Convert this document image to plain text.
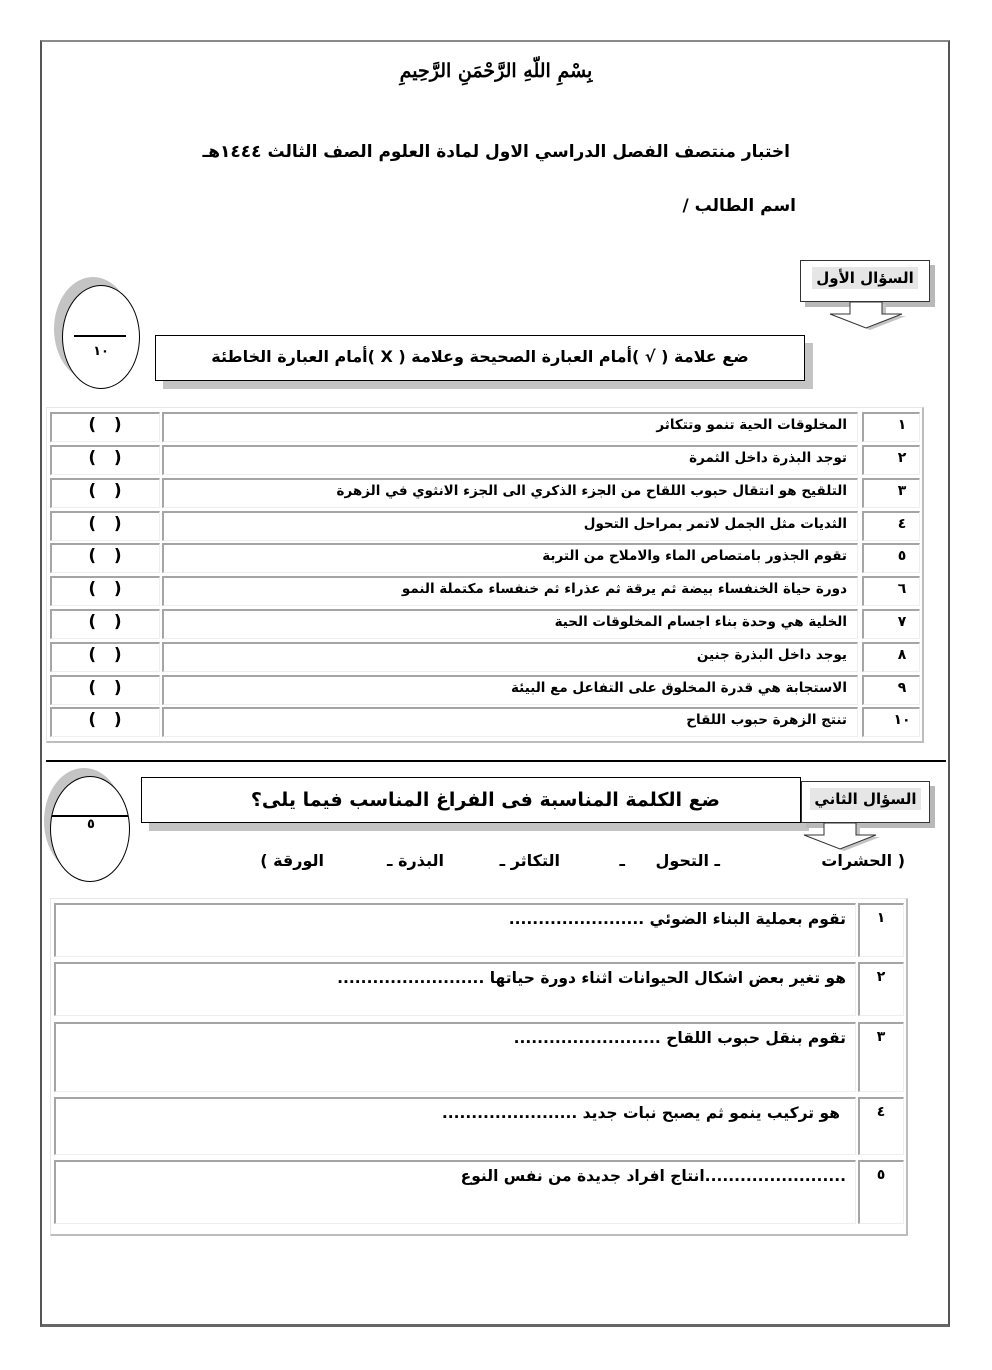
بِسْمِ اللّهِ الرَّحْمَنِ الرَّحِيمِ
اختبار منتصف الفصل الدراسي الاول لمادة العلوم الصف الثالث ١٤٤٤هـ
اسم الطالب /
السؤال الأول
١٠	ضع علامة ( √ )أمام العبارة الصحيحة وعلامة ( X )أمام العبارة الخاطئة
١
المخلوقات الحية تنمو وتتكاثر
(   )
٢
توجد البذرة داخل الثمرة
(   )
٣
التلقيح هو انتقال حبوب اللقاح من الجزء الذكري الى الجزء الانثوي في الزهرة
(   )
٤
الثديات مثل الجمل لاتمر بمراحل التحول
(   )
٥
تقوم الجذور بامتصاص الماء والاملاح من التربة
(   )
٦
دورة حياة الخنفساء بيضة ثم يرقة ثم عذراء ثم خنفساء مكتملة النمو
(   )
٧
الخلية هي وحدة بناء اجسام المخلوقات الحية
(   )
٨
يوجد داخل البذرة جنين
(   )
٩
الاستجابة هي قدرة المخلوق على التفاعل مع البيئة
(   )
١٠
تنتج الزهرة حبوب اللقاح
(   )
٥
ضع الكلمة المناسبة فى الفراغ المناسب فيما يلى؟	السؤال الثاني
( الحشرات
ـ التحول
ـ
التكاثر ـ
البذرة ـ
الورقة )
١
تقوم بعملية البناء الضوئي .......................
٢
هو تغير بعض اشكال الحيوانات اثناء دورة حياتها .........................
٣
تقوم بنقل حبوب اللقاح .........................
٤
هو تركيب ينمو ثم يصبح نبات جديد .......................
٥
........................انتاج افراد جديدة من نفس النوع
